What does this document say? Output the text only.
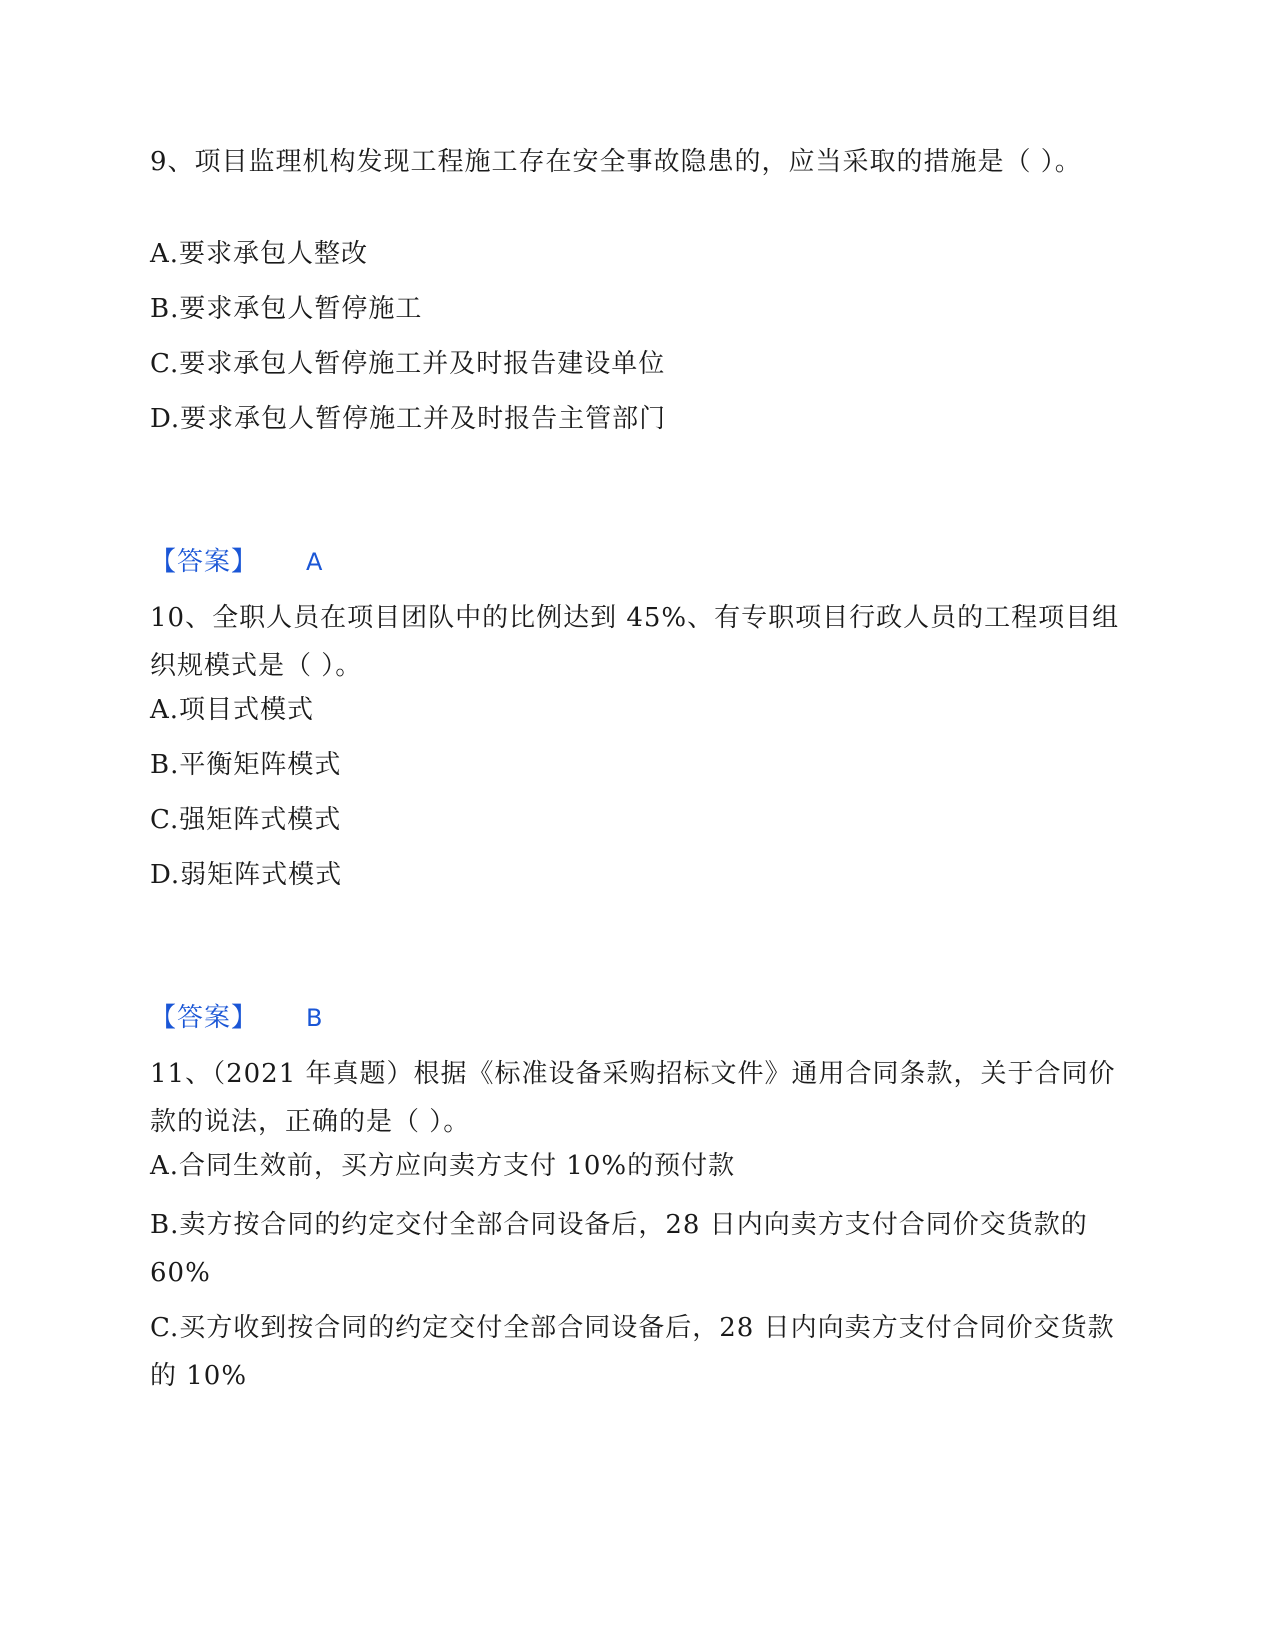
9、项目监理机构发现工程施工存在安全事故隐患的，应当采取的措施是（ ）。

A.要求承包人整改

B.要求承包人暂停施工

C.要求承包人暂停施工并及时报告建设单位

D.要求承包人暂停施工并及时报告主管部门

【答案】 A

10、全职人员在项目团队中的比例达到 45%、有专职项目行政人员的工程项目组织规模式是（ ）。

A.项目式模式

B.平衡矩阵模式

C.强矩阵式模式

D.弱矩阵式模式

【答案】 B

11、（2021 年真题）根据《标准设备采购招标文件》通用合同条款，关于合同价款的说法，正确的是（ ）。

A.合同生效前，买方应向卖方支付 10%的预付款

B.卖方按合同的约定交付全部合同设备后，28 日内向卖方支付合同价交货款的 60%

C.买方收到按合同的约定交付全部合同设备后，28 日内向卖方支付合同价交货款的 10%
